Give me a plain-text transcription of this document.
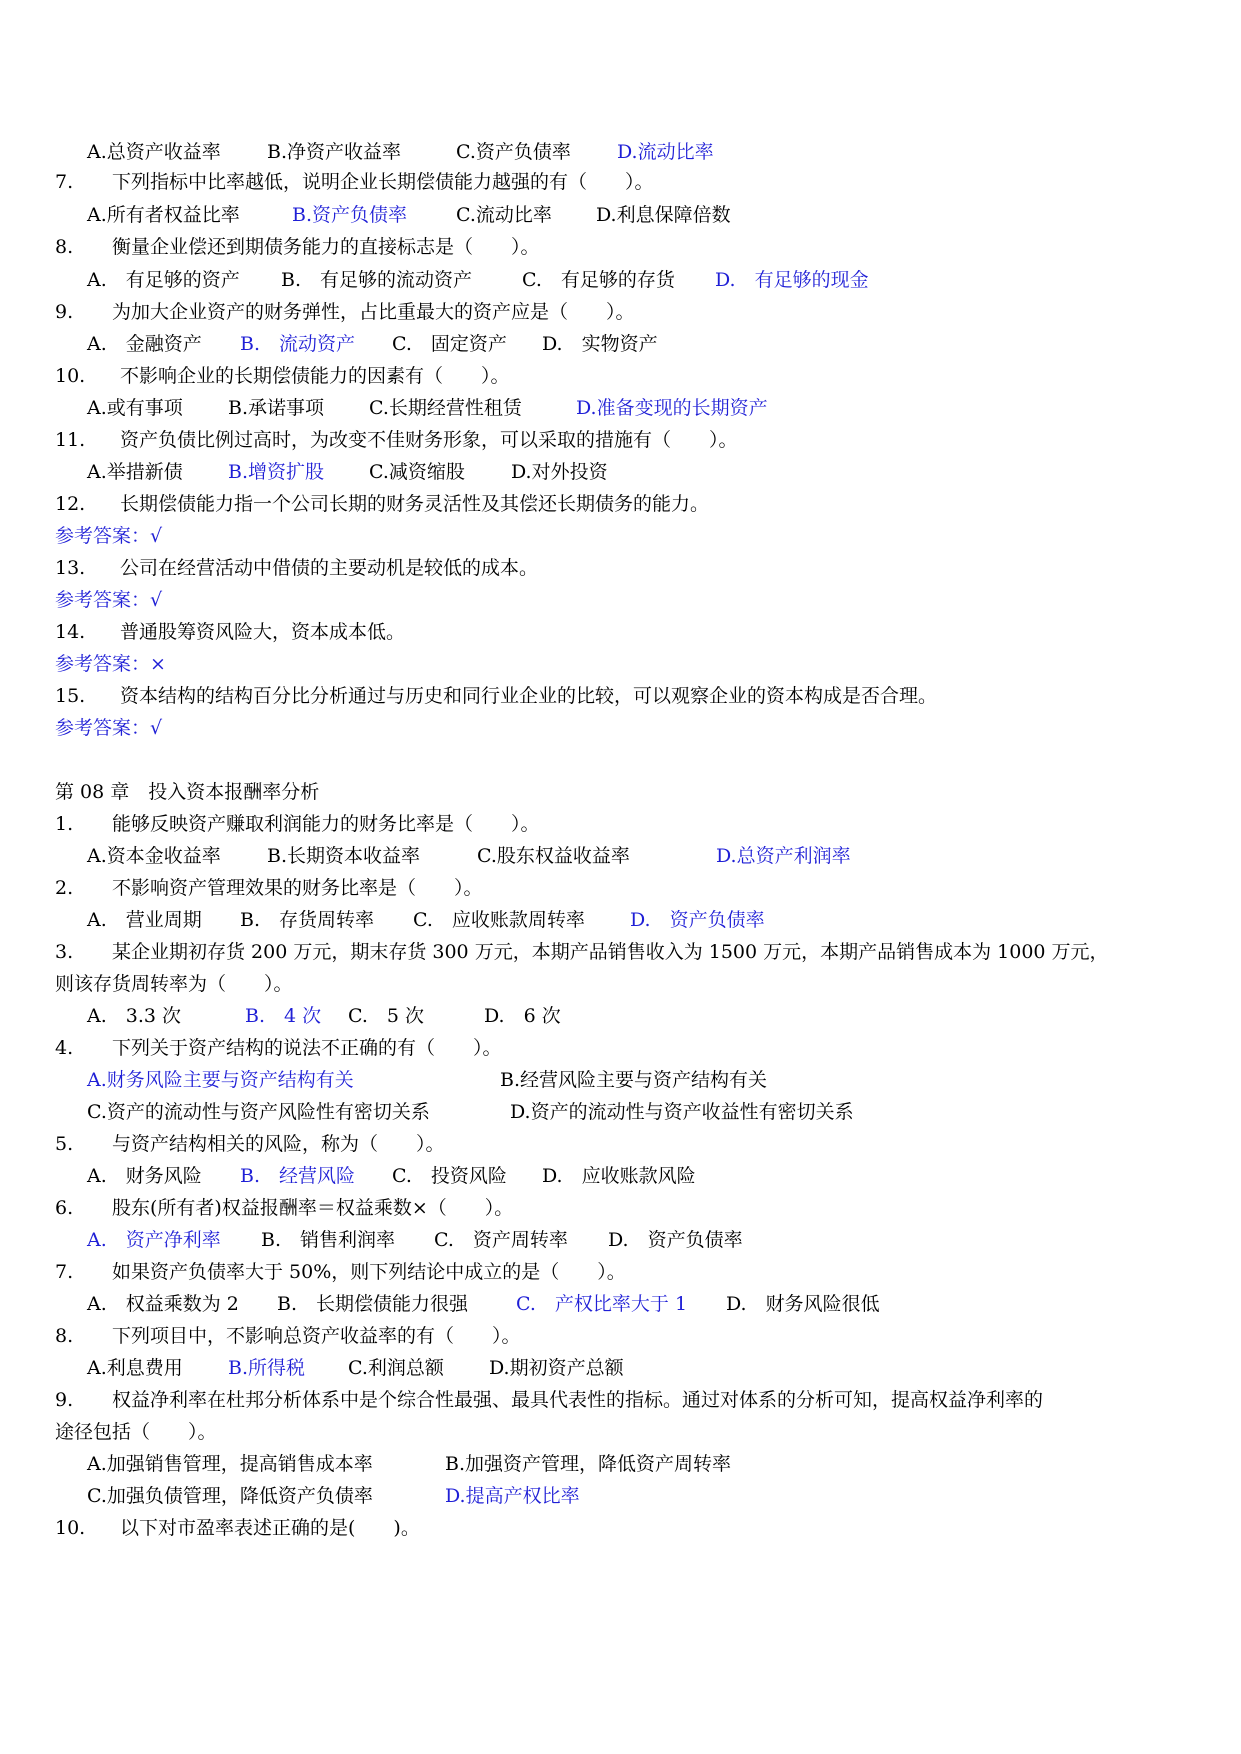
A.总资产收益率 B.净资产收益率	C.资产负债率 D.流动比率
7. 下列指标中比率越低，说明企业长期偿债能力越强的有（　　）。
A.所有者权益比率	B.资产负债率	C.流动比率 D.利息保障倍数
8. 衡量企业偿还到期债务能力的直接标志是（　　）。
A.　有足够的资产 B.　有足够的流动资产	C.　有足够的存货 D.　有足够的现金
9. 为加大企业资产的财务弹性，占比重最大的资产应是（　　）。
A.　金融资产 B.　流动资产 C.　固定资产 D.　实物资产
10. 不影响企业的长期偿债能力的因素有（　　）。
A.或有事项 B.承诺事项 C.长期经营性租赁	D.准备变现的长期资产
11. 资产负债比例过高时，为改变不佳财务形象，可以采取的措施有（　　）。
A.举措新债 B.增资扩股 C.减资缩股 D.对外投资
12. 长期偿债能力指一个公司长期的财务灵活性及其偿还长期债务的能力。
参考答案：√
13. 公司在经营活动中借债的主要动机是较低的成本。
参考答案：√
14. 普通股筹资风险大，资本成本低。
参考答案：×
15. 资本结构的结构百分比分析通过与历史和同行业企业的比较，可以观察企业的资本构成是否合理。
参考答案：√
第 08 章　投入资本报酬率分析
1. 能够反映资产赚取利润能力的财务比率是（　　）。
A.资本金收益率 B.长期资本收益率	C.股东权益收益率	D.总资产利润率
2. 不影响资产管理效果的财务比率是（　　）。
A.　营业周期 B.　存货周转率 C.　应收账款周转率 D.　资产负债率
3. 某企业期初存货 200 万元，期末存货 300 万元，本期产品销售收入为 1500 万元，本期产品销售成本为 1000 万元，
则该存货周转率为（　　）。
A.　3.3 次	B.　4 次 C.　5 次	D.　6 次
4. 下列关于资产结构的说法不正确的有（　　）。
A.财务风险主要与资产结构有关	B.经营风险主要与资产结构有关
C.资产的流动性与资产风险性有密切关系	D.资产的流动性与资产收益性有密切关系
5. 与资产结构相关的风险，称为（　　）。
A.　财务风险 B.　经营风险 C.　投资风险 D.　应收账款风险
6. 股东(所有者)权益报酬率＝权益乘数×（　　）。
A.　资产净利率 B.　销售利润率 C.　资产周转率 D.　资产负债率
7. 如果资产负债率大于 50%，则下列结论中成立的是（　　）。
A.　权益乘数为 2 B.　长期偿债能力很强	C.　产权比率大于 1 D.　财务风险很低
8. 下列项目中，不影响总资产收益率的有（　　）。
A.利息费用 B.所得税 C.利润总额 D.期初资产总额
9. 权益净利率在杜邦分析体系中是个综合性最强、最具代表性的指标。通过对体系的分析可知，提高权益净利率的
途径包括（　　）。
A.加强销售管理，提高销售成本率	B.加强资产管理，降低资产周转率
C.加强负债管理，降低资产负债率	D.提高产权比率
10. 以下对市盈率表述正确的是(　　)。
